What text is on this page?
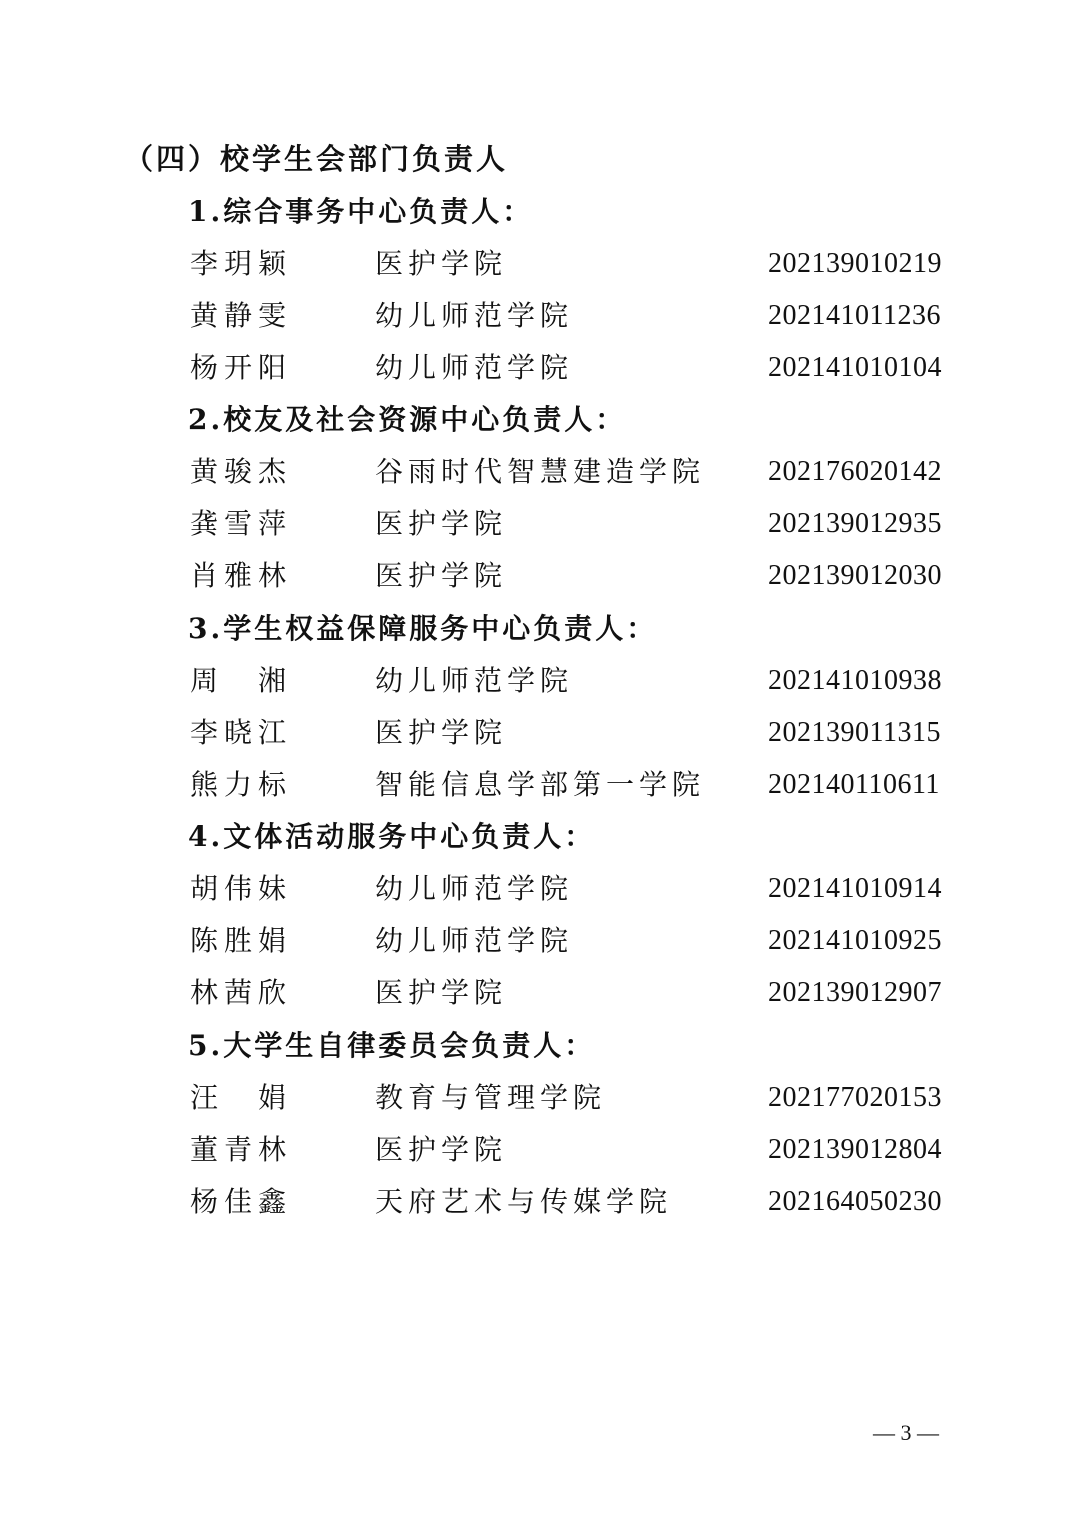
（四）校学生会部门负责人
1.综合事务中心负责人：
李玥颖	医护学院	202139010219
黄静雯	幼儿师范学院	202141011236
杨开阳	幼儿师范学院	202141010104
2.校友及社会资源中心负责人：
黄骏杰	谷雨时代智慧建造学院 202176020142
龚雪萍	医护学院	202139012935
肖雅林	医护学院	202139012030
3.学生权益保障服务中心负责人：
周　湘	幼儿师范学院	202141010938
李晓江	医护学院	202139011315
熊力标	智能信息学部第一学院 202140110611
4.文体活动服务中心负责人：
胡伟妹	幼儿师范学院	202141010914
陈胜娟	幼儿师范学院	202141010925
林茜欣	医护学院	202139012907
5.大学生自律委员会负责人：
汪　娟	教育与管理学院	202177020153
董青林	医护学院	202139012804
杨佳鑫	天府艺术与传媒学院	202164050230
— 3 —
